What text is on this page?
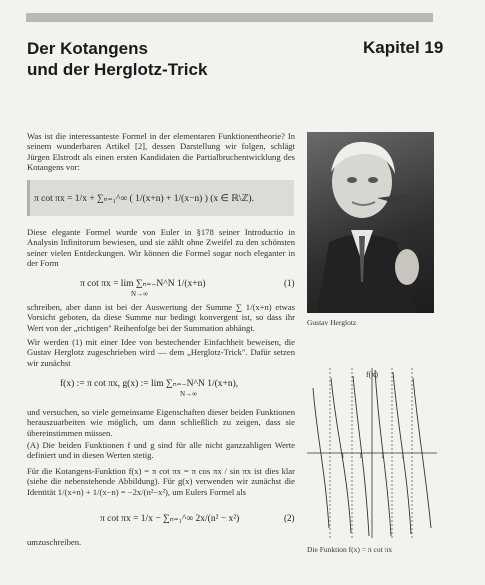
Der Kotangens
und der Herglotz-Trick
Kapitel 19
Was ist die interessanteste Formel in der elementaren Funktionentheorie? In seinem wunderbaren Artikel [2], dessen Darstellung wir folgen, schlägt Jürgen Elstrodt als einen ersten Kandidaten die Partialbruchentwicklung des Kotangens vor:
π cot πx = 1/x + ∑ₙ₌₁^∞ ( 1/(x+n) + 1/(x−n) ) (x ∈ ℝ\ℤ).
Diese elegante Formel wurde von Euler in §178 seiner Introductio in Analysin Infinitorum bewiesen, und sie zählt ohne Zweifel zu den schönsten seiner vielen Entdeckungen. Wir können die Formel sogar noch eleganter in der Form
π cot πx = lim ∑ₙ₌₋N^N 1/(x+n)
N→∞
(1)
schreiben, aber dann ist bei der Auswertung der Summe ∑ 1/(x+n) etwas Vorsicht geboten, da diese Summe nur bedingt konvergent ist, so dass ihr Wert von der „richtigen" Reihenfolge bei der Summation abhängt.
Wir werden (1) mit einer Idee von bestechender Einfachheit beweisen, die Gustav Herglotz zugeschrieben wird — dem „Herglotz-Trick". Dafür setzen wir zunächst
f(x) := π cot πx, g(x) := lim ∑ₙ₌₋N^N 1/(x+n),
N→∞
und versuchen, so viele gemeinsame Eigenschaften dieser beiden Funktionen herauszuarbeiten wie möglich, um dann schließlich zu zeigen, dass sie übereinstimmen müssen.
(A) Die beiden Funktionen f und g sind für alle nicht ganzzahligen Werte definiert und in diesen Werten stetig.
Für die Kotangens-Funktion f(x) = π cot πx = π cos πx / sin πx ist dies klar (siehe die nebenstehende Abbildung). Für g(x) verwenden wir zunächst die Identität 1/(x+n) + 1/(x−n) = −2x/(n²−x²), um Eulers Formel als
π cot πx = 1/x − ∑ₙ₌₁^∞ 2x/(n² − x²)	(2)
umzuschreiben.
Gustav Herglotz
1	1
1	1
f(x)
Die Funktion f(x) = π cot πx
